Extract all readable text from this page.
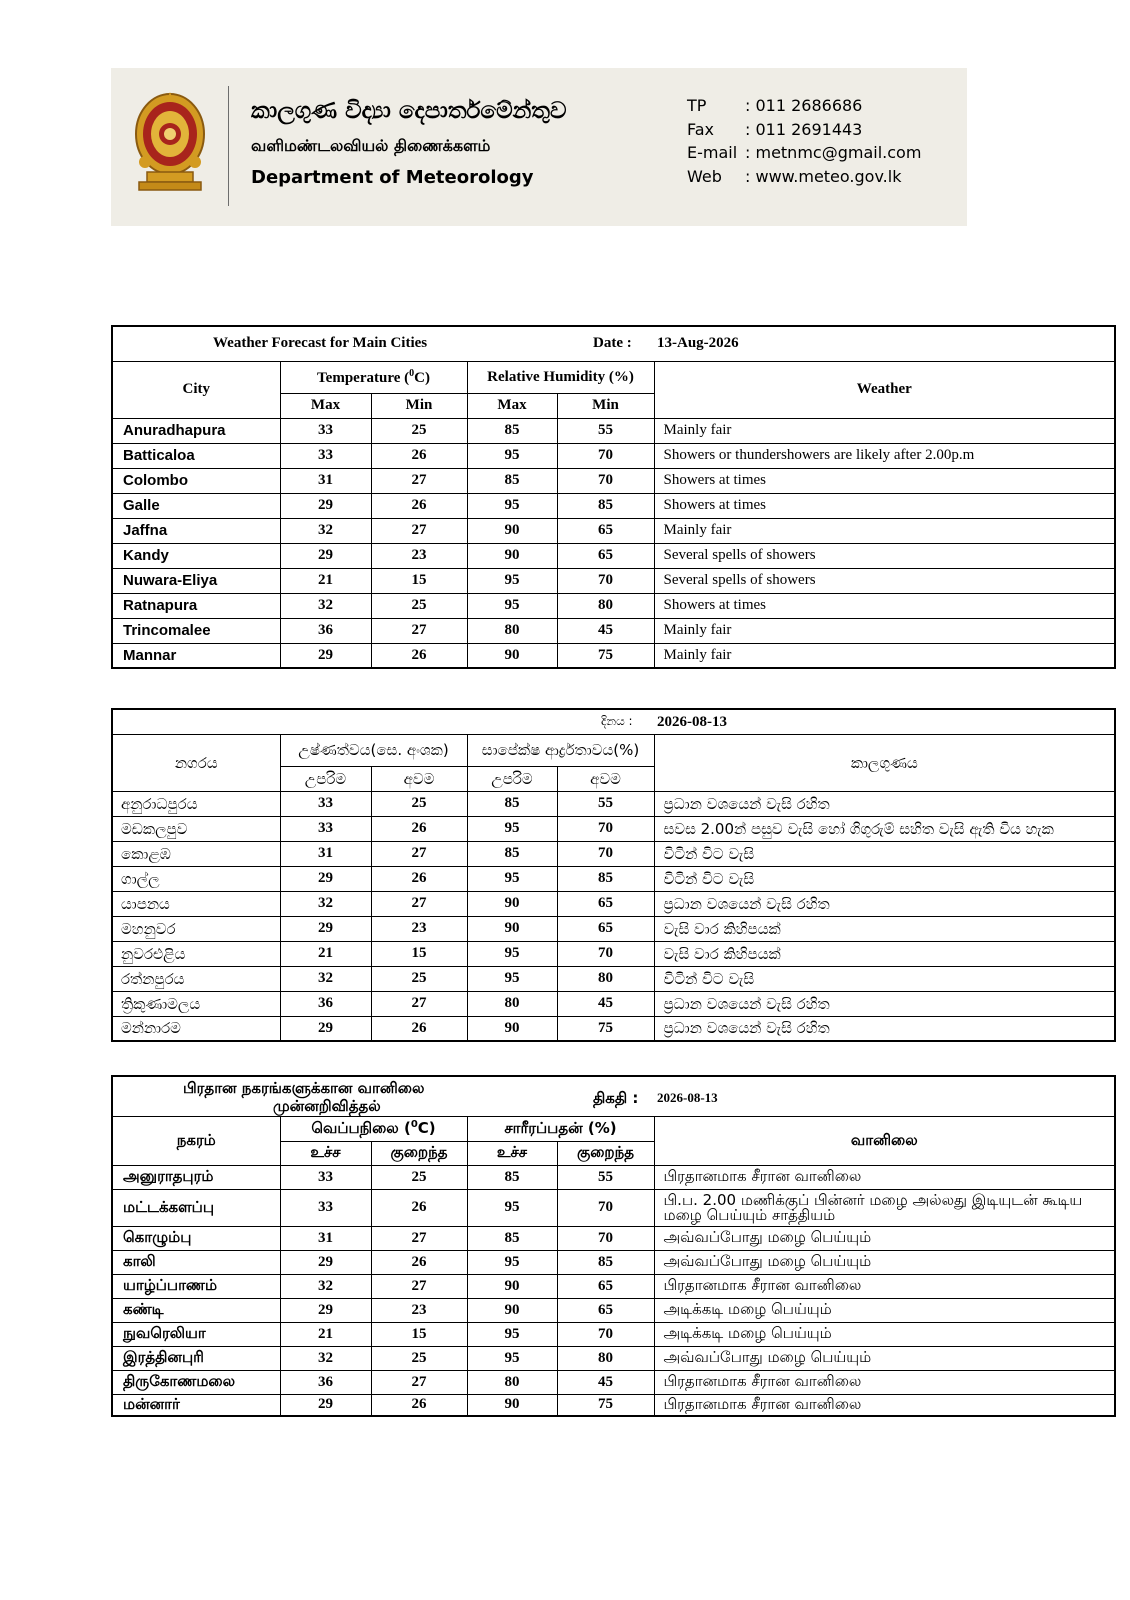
කාලගුණ විද්‍යා දෙපාර්තමේන්තුව
வளிமண்டலவியல் திணைக்களம்
Department of Meteorology
TP	: 011 2686686
Fax	: 011 2691443
E-mail : metnmc@gmail.com
Web	: www.meteo.gov.lk
Weather Forecast for Main Cities Date : 13-Aug-2026					

City	Temperature ($^0$C)		Relative Humidity (%)		Weather
	Max	Min	Max	Min	
Anuradhapura	33	25	85	55	Mainly fair
Batticaloa	33	26	95	70	Showers or thundershowers are likely after 2.00p.m
Colombo	31	27	85	70	Showers at times
Galle	29	26	95	85	Showers at times
Jaffna	32	27	90	65	Mainly fair
Kandy	29	23	90	65	Several spells of showers
Nuwara-Eliya	21	15	95	70	Several spells of showers
Ratnapura	32	25	95	80	Showers at times
Trincomalee	36	27	80	45	Mainly fair
Mannar	29	26	90	75	Mainly fair
දිනය : 2026-08-13					

නගරය	උෂ්ණත්වය(සෙ. අංශක)		සාපේක්ෂ ආර්ද්‍රතාවය(%)		කාලගුණය
	උපරිම	අවම	උපරිම	අවම	
අනුරාධපුරය	33	25	85	55	ප්‍රධාන වශයෙන් වැසි රහිත
මඩකලපුව	33	26	95	70	සවස 2.00න් පසුව වැසි හෝ ගිගුරුම් සහිත වැසි ඇති විය හැක
කොළඹ	31	27	85	70	විටින් විට වැසි
ගාල්ල	29	26	95	85	විටින් විට වැසි
යාපනය	32	27	90	65	ප්‍රධාන වශයෙන් වැසි රහිත
මහනුවර	29	23	90	65	වැසි වාර කිහිපයක්
නුවරඑළිය	21	15	95	70	වැසි වාර කිහිපයක්
රත්නපුරය	32	25	95	80	විටින් විට වැසි
ත්‍රිකුණාමලය	36	27	80	45	ප්‍රධාන වශයෙන් වැසි රහිත
මන්නාරම	29	26	90	75	ප්‍රධාන වශයෙන් වැසි රහිත
பிரதான நகரங்களுக்கான வானிலை
முன்னறிவித்தல் திகதி : 2026-08-13					

நகரம்	வெப்பநிலை ($^0$C)		சாரீரப்பதன் (%)		வானிலை
	உச்ச	குறைந்த	உச்ச	குறைந்த	
அனுராதபுரம்	33	25	85	55	பிரதானமாக சீரான வானிலை
மட்டக்களப்பு	33	26	95	70	பி.ப. 2.00 மணிக்குப் பின்னர் மழை அல்லது இடியுடன் கூடிய மழை பெய்யும் சாத்தியம்
கொழும்பு	31	27	85	70	அவ்வப்போது மழை பெய்யும்
காலி	29	26	95	85	அவ்வப்போது மழை பெய்யும்
யாழ்ப்பாணம்	32	27	90	65	பிரதானமாக சீரான வானிலை
கண்டி	29	23	90	65	அடிக்கடி மழை பெய்யும்
நுவரெலியா	21	15	95	70	அடிக்கடி மழை பெய்யும்
இரத்தினபுரி	32	25	95	80	அவ்வப்போது மழை பெய்யும்
திருகோணமலை	36	27	80	45	பிரதானமாக சீரான வானிலை
மன்னார்	29	26	90	75	பிரதானமாக சீரான வானிலை
